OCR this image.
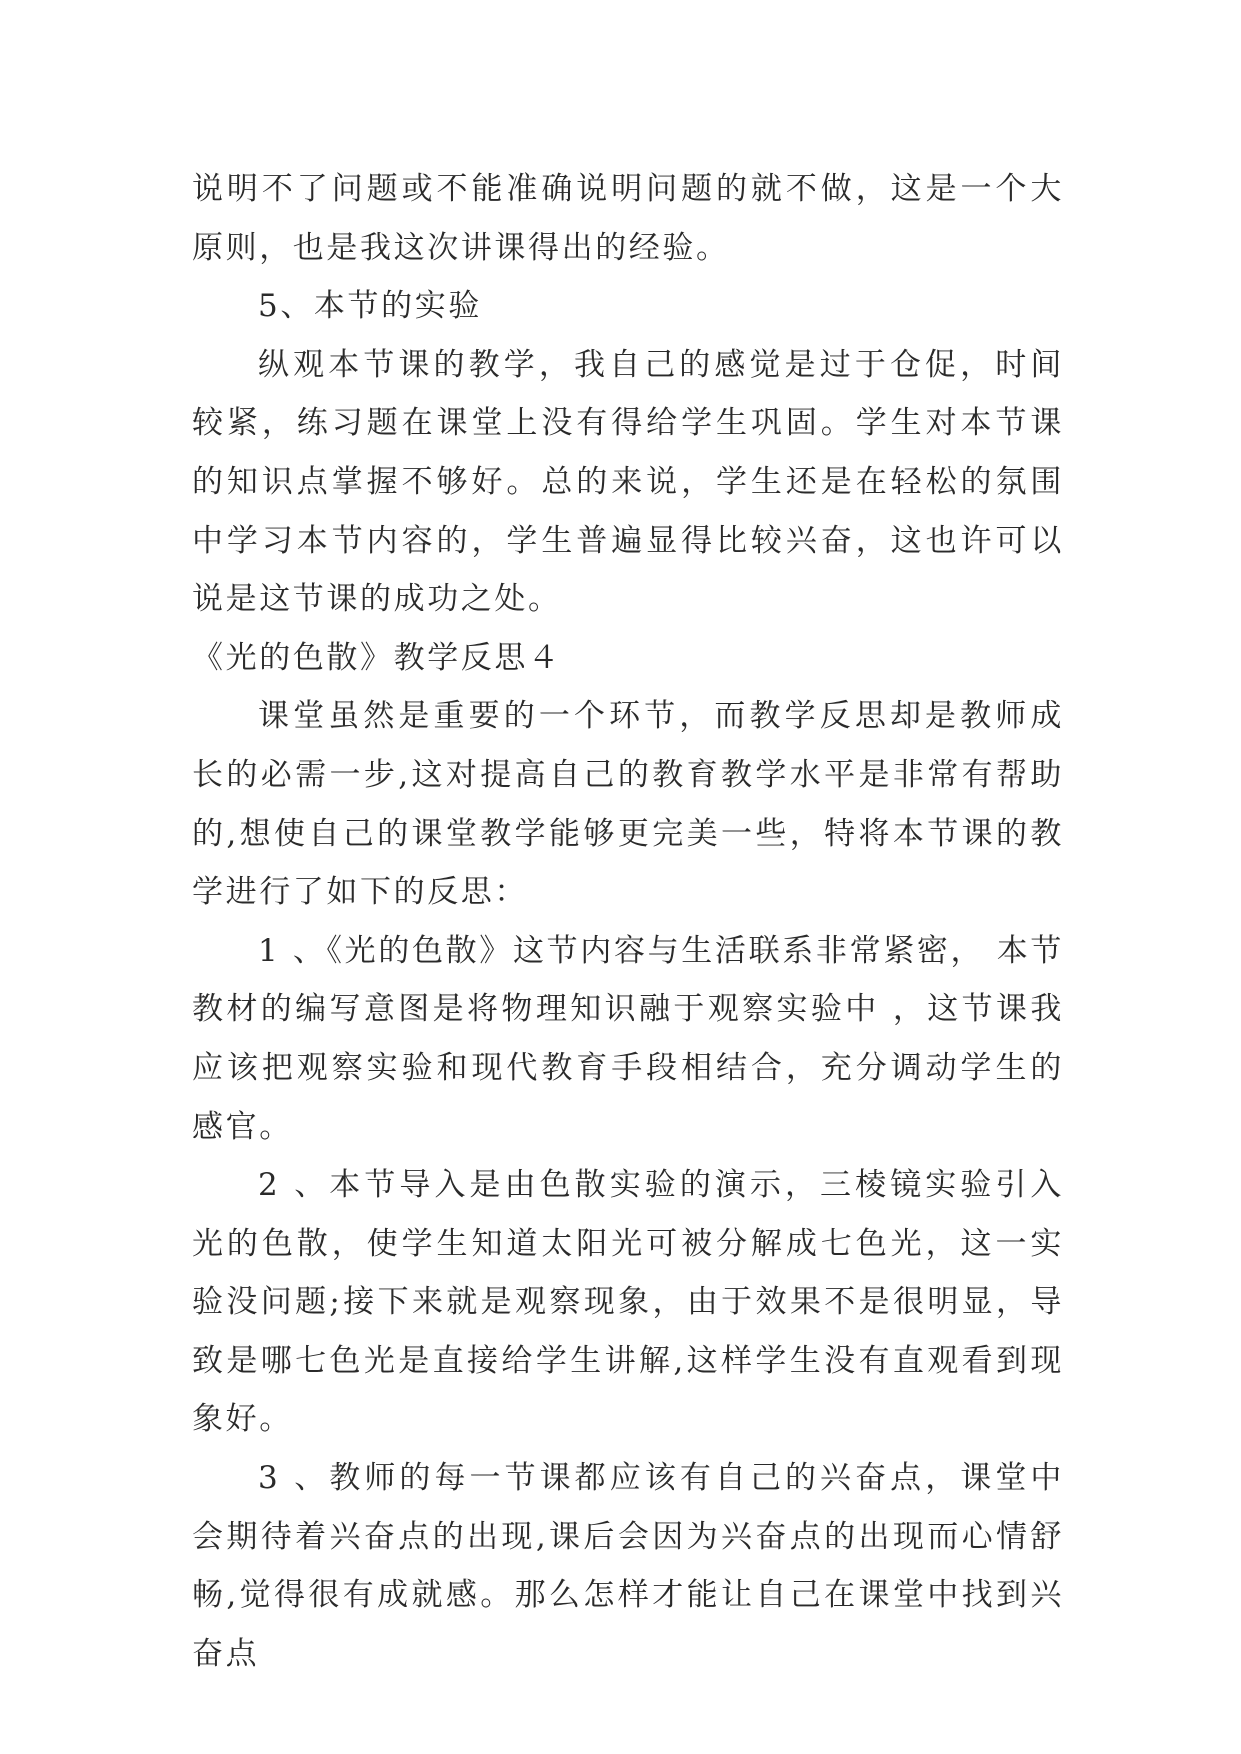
说明不了问题或不能准确说明问题的就不做，这是一个大原则，也是我这次讲课得出的经验。

5、本节的实验

纵观本节课的教学，我自己的感觉是过于仓促，时间较紧，练习题在课堂上没有得给学生巩固。学生对本节课的知识点掌握不够好。总的来说，学生还是在轻松的氛围中学习本节内容的，学生普遍显得比较兴奋，这也许可以说是这节课的成功之处。

《光的色散》教学反思４

课堂虽然是重要的一个环节，而教学反思却是教师成长的必需一步,这对提高自己的教育教学水平是非常有帮助的,想使自己的课堂教学能够更完美一些，特将本节课的教学进行了如下的反思：

1 、《光的色散》这节内容与生活联系非常紧密， 本节教材的编写意图是将物理知识融于观察实验中 ，这节课我应该把观察实验和现代教育手段相结合，充分调动学生的感官。

2 、本节导入是由色散实验的演示，三棱镜实验引入光的色散，使学生知道太阳光可被分解成七色光，这一实验没问题;接下来就是观察现象，由于效果不是很明显，导致是哪七色光是直接给学生讲解,这样学生没有直观看到现象好。

3 、教师的每一节课都应该有自己的兴奋点，课堂中会期待着兴奋点的出现,课后会因为兴奋点的出现而心情舒畅,觉得很有成就感。那么怎样才能让自己在课堂中找到兴奋点
